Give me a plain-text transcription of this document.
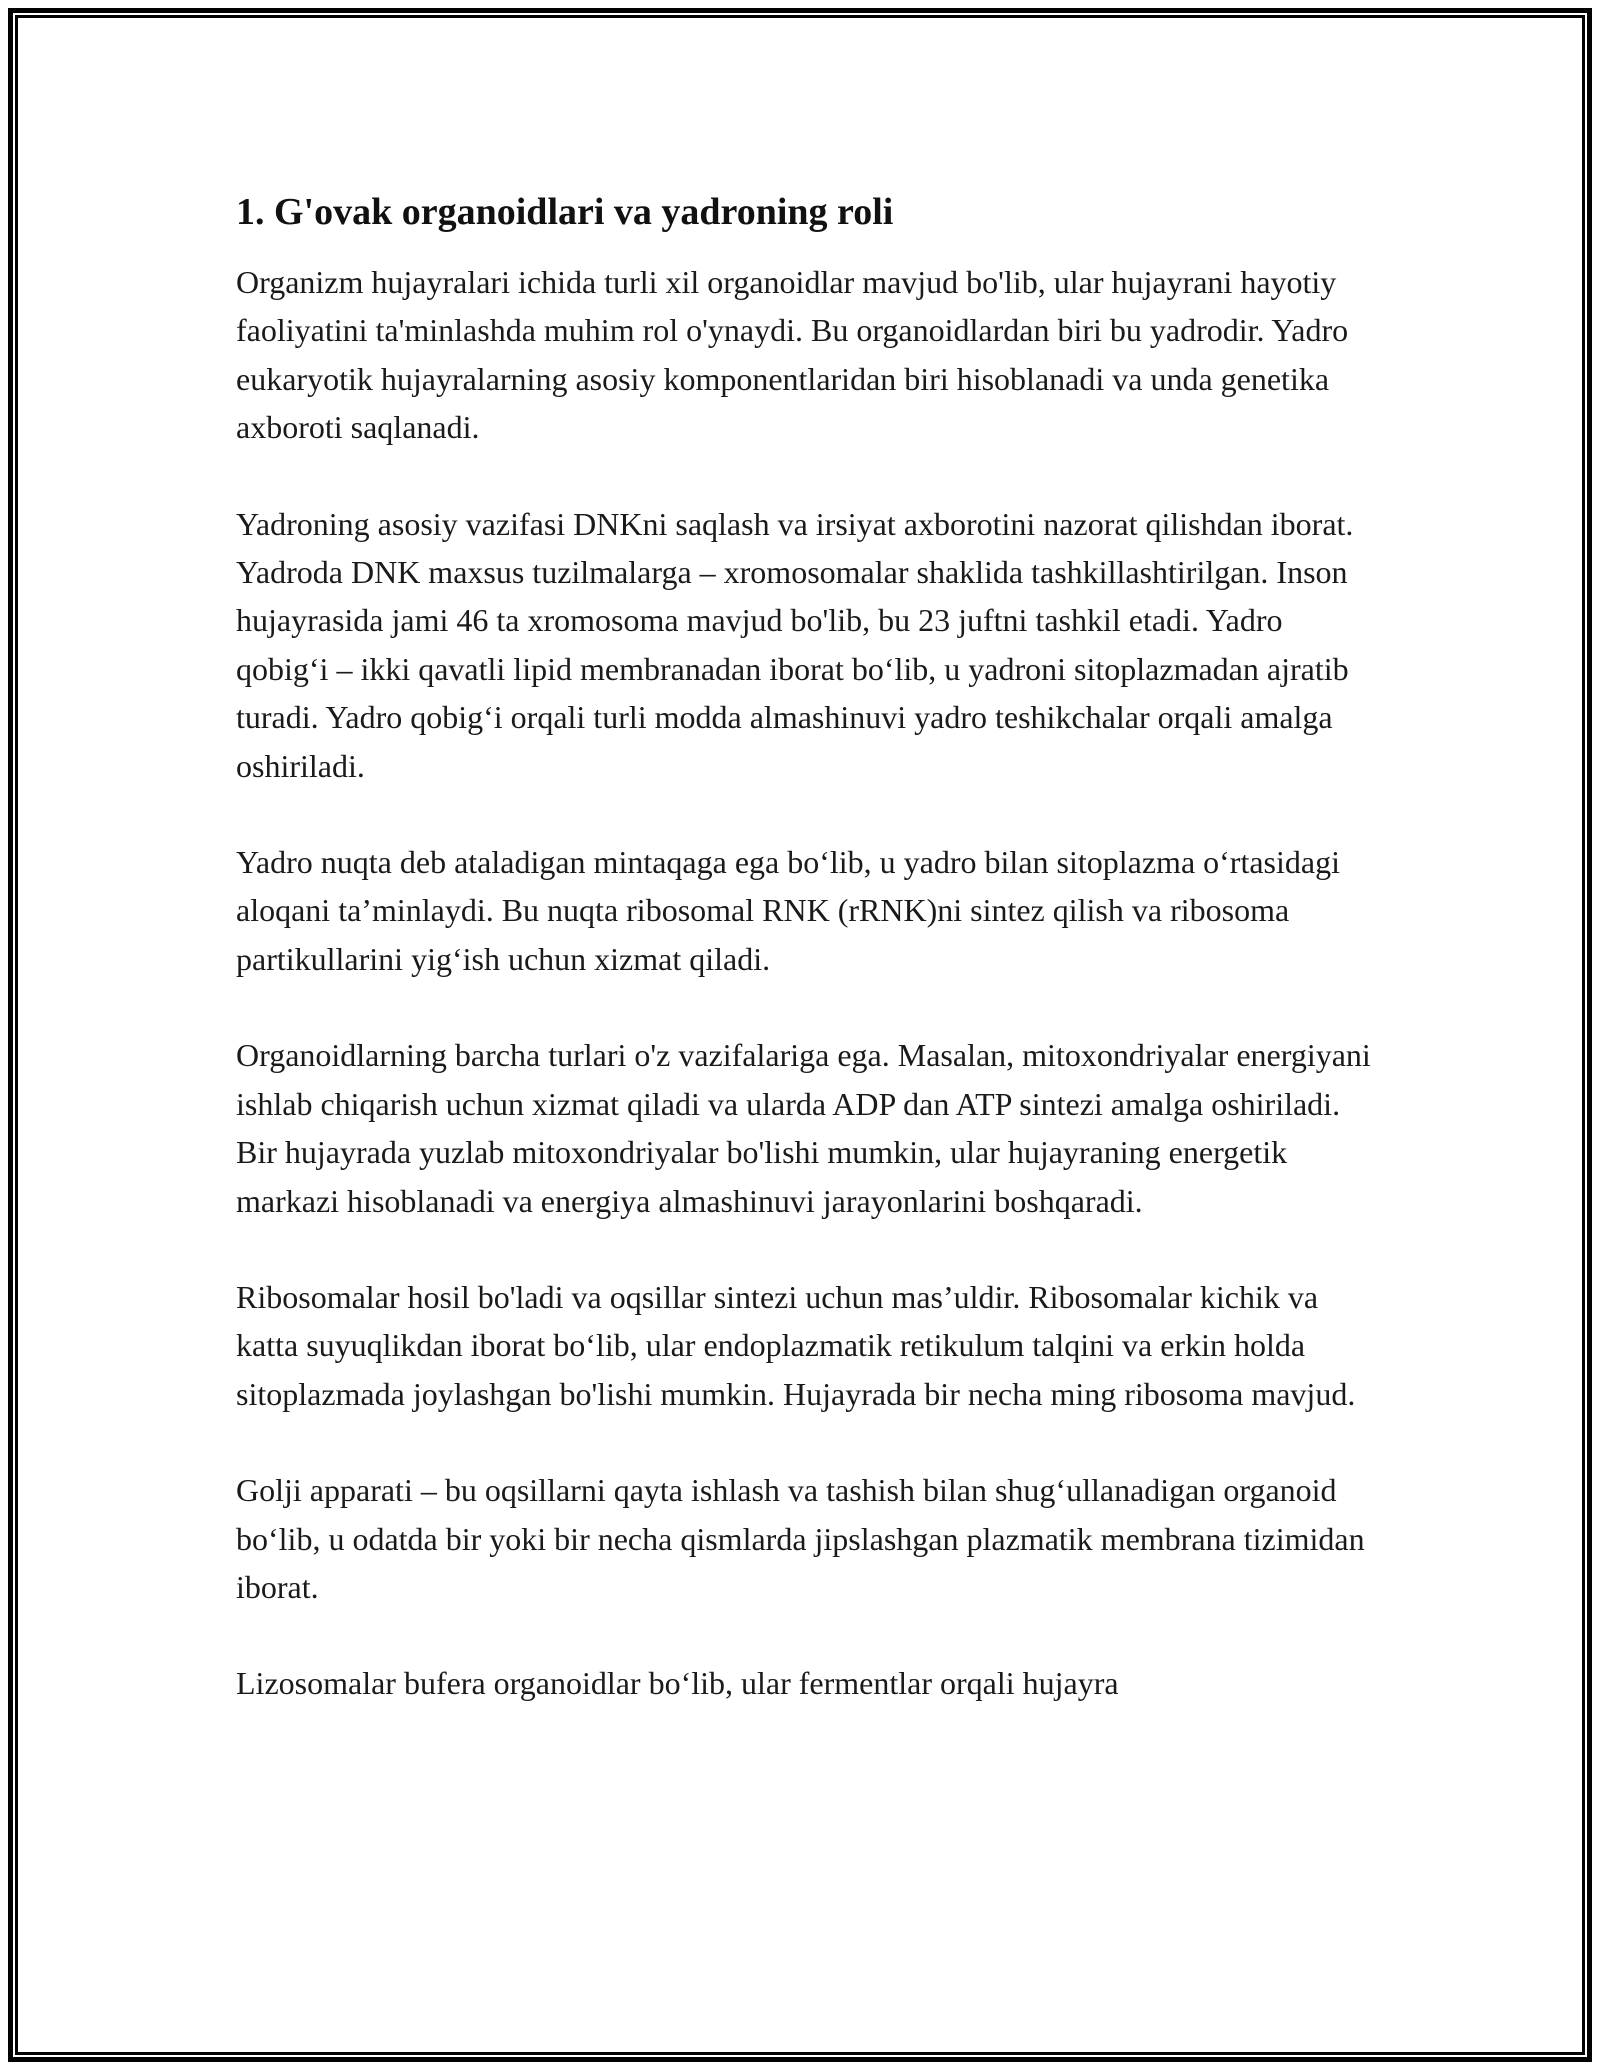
1. G'ovak organoidlari va yadroning roli

Organizm hujayralari ichida turli xil organoidlar mavjud bo'lib, ular hujayrani hayotiy faoliyatini ta'minlashda muhim rol o'ynaydi. Bu organoidlardan biri bu yadrodir. Yadro eukaryotik hujayralarning asosiy komponentlaridan biri hisoblanadi va unda genetika axboroti saqlanadi.

Yadroning asosiy vazifasi DNKni saqlash va irsiyat axborotini nazorat qilishdan iborat. Yadroda DNK maxsus tuzilmalarga – xromosomalar shaklida tashkillashtirilgan. Inson hujayrasida jami 46 ta xromosoma mavjud bo'lib, bu 23 juftni tashkil etadi. Yadro qobig‘i – ikki qavatli lipid membranadan iborat bo‘lib, u yadroni sitoplazmadan ajratib turadi. Yadro qobig‘i orqali turli modda almashinuvi yadro teshikchalar orqali amalga oshiriladi.

Yadro nuqta deb ataladigan mintaqaga ega bo‘lib, u yadro bilan sitoplazma o‘rtasidagi aloqani ta’minlaydi. Bu nuqta ribosomal RNK (rRNK)ni sintez qilish va ribosoma partikullarini yig‘ish uchun xizmat qiladi.

Organoidlarning barcha turlari o'z vazifalariga ega. Masalan, mitoxondriyalar energiyani ishlab chiqarish uchun xizmat qiladi va ularda ADP dan ATP sintezi amalga oshiriladi. Bir hujayrada yuzlab mitoxondriyalar bo'lishi mumkin, ular hujayraning energetik markazi hisoblanadi va energiya almashinuvi jarayonlarini boshqaradi.

Ribosomalar hosil bo'ladi va oqsillar sintezi uchun mas’uldir. Ribosomalar kichik va katta suyuqlikdan iborat bo‘lib, ular endoplazmatik retikulum talqini va erkin holda sitoplazmada joylashgan bo'lishi mumkin. Hujayrada bir necha ming ribosoma mavjud.

Golji apparati – bu oqsillarni qayta ishlash va tashish bilan shug‘ullanadigan organoid bo‘lib, u odatda bir yoki bir necha qismlarda jipslashgan plazmatik membrana tizimidan iborat.

Lizosomalar bufera organoidlar bo‘lib, ular fermentlar orqali hujayra
